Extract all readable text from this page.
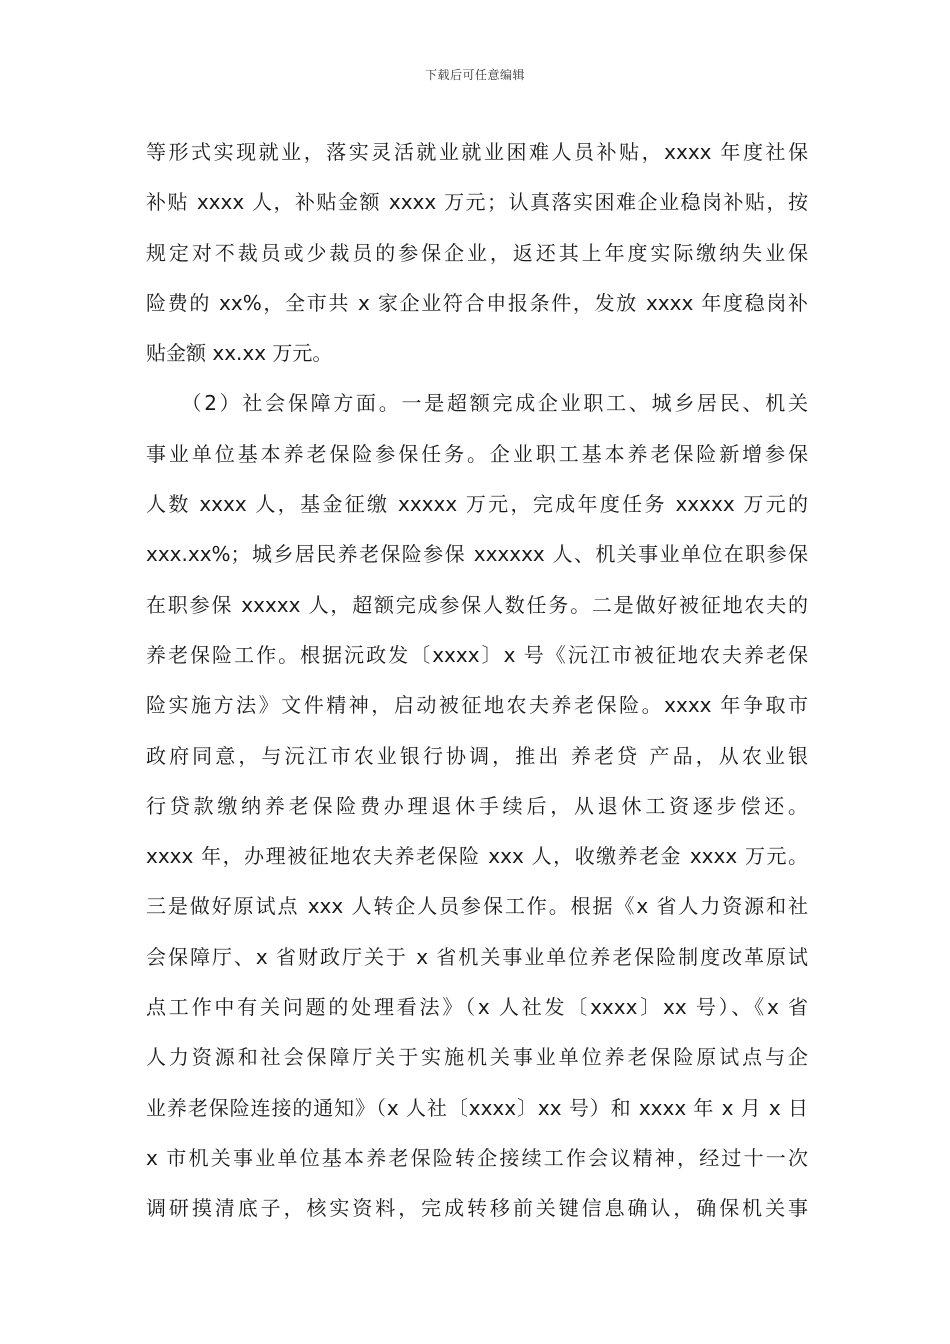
下载后可任意编辑
等形式实现就业，落实灵活就业就业困难人员补贴，xxxx 年度社保
补贴 xxxx 人，补贴金额 xxxx 万元；认真落实困难企业稳岗补贴，按
规定对不裁员或少裁员的参保企业，返还其上年度实际缴纳失业保
险费的 xx%，全市共 x 家企业符合申报条件，发放 xxxx 年度稳岗补
贴金额 xx.xx 万元。
　　（2）社会保障方面。一是超额完成企业职工、城乡居民、机关
事业单位基本养老保险参保任务。企业职工基本养老保险新增参保
人数 xxxx 人，基金征缴 xxxxx 万元，完成年度任务 xxxxx 万元的
xxx.xx%；城乡居民养老保险参保 xxxxxx 人、机关事业单位在职参保
在职参保 xxxxx 人，超额完成参保人数任务。二是做好被征地农夫的
养老保险工作。根据沅政发〔xxxx〕x 号《沅江市被征地农夫养老保
险实施方法》文件精神，启动被征地农夫养老保险。xxxx 年争取市
政府同意，与沅江市农业银行协调，推出 养老贷 产品，从农业银
行贷款缴纳养老保险费办理退休手续后，从退休工资逐步偿还。
xxxx 年，办理被征地农夫养老保险 xxx 人，收缴养老金 xxxx 万元。
三是做好原试点 xxx 人转企人员参保工作。根据《x 省人力资源和社
会保障厅、x 省财政厅关于 x 省机关事业单位养老保险制度改革原试
点工作中有关问题的处理看法》（x 人社发〔xxxx〕xx 号）、《x 省
人力资源和社会保障厅关于实施机关事业单位养老保险原试点与企
业养老保险连接的通知》（x 人社〔xxxx〕xx 号）和 xxxx 年 x 月 x 日
x 市机关事业单位基本养老保险转企接续工作会议精神，经过十一次
调研摸清底子，核实资料，完成转移前关键信息确认，确保机关事
